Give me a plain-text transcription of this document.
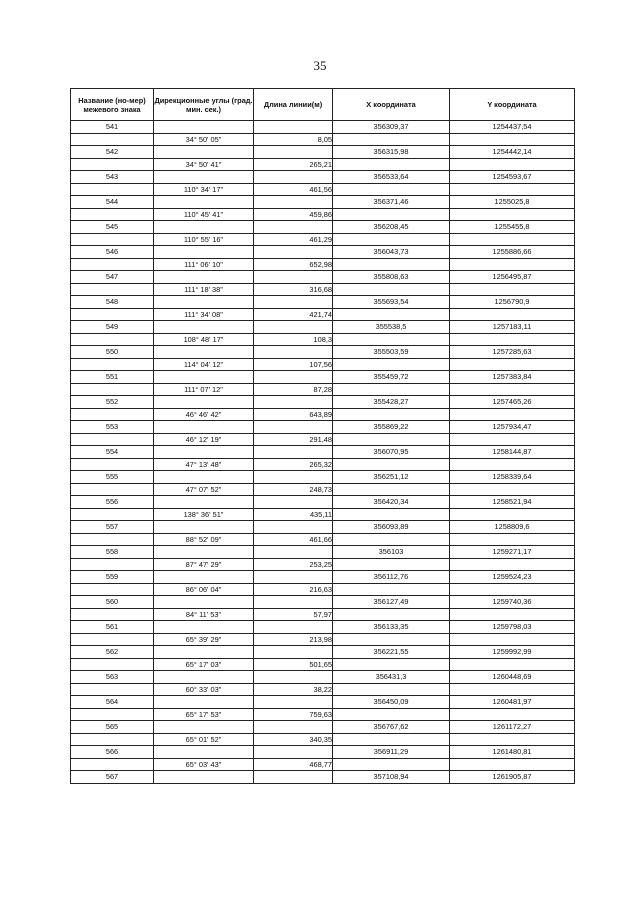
35
Название (но-мер) межевого знака	Дирекционные углы (град. мин. сек.)	Длина линии(м)	Х координата	Y координата
541			356309,37	1254437,54
	34° 50' 05"	8,05		
542			356315,98	1254442,14
	34° 50' 41"	265,21		
543			356533,64	1254593,67
	110° 34' 17"	461,56		
544			356371,46	1255025,8
	110° 45' 41"	459,86		
545			356208,45	1255455,8
	110° 55' 16"	461,29		
546			356043,73	1255886,66
	111° 06' 10"	652,98		
547			355808,63	1256495,87
	111° 18' 38"	316,68		
548			355693,54	1256790,9
	111° 34' 08"	421,74		
549			355538,5	1257183,11
	108° 48' 17"	108,3		
550			355503,59	1257285,63
	114° 04' 12"	107,56		
551			355459,72	1257383,84
	111° 07' 12"	87,28		
552			355428,27	1257465,26
	46° 46' 42"	643,89		
553			355869,22	1257934,47
	46° 12' 19"	291,48		
554			356070,95	1258144,87
	47° 13' 48"	265,32		
555			356251,12	1258339,64
	47° 07' 52"	248,73		
556			356420,34	1258521,94
	138° 36' 51"	435,11		
557			356093,89	1258809,6
	88° 52' 09"	461,66		
558			356103	1259271,17
	87° 47' 29"	253,25		
559			356112,76	1259524,23
	86° 06' 04"	216,63		
560			356127,49	1259740,36
	84° 11' 53"	57,97		
561			356133,35	1259798,03
	65° 39' 29"	213,98		
562			356221,55	1259992,99
	65° 17' 03"	501,65		
563			356431,3	1260448,69
	60° 33' 03"	38,22		
564			356450,09	1260481,97
	65° 17' 53"	759,63		
565			356767,62	1261172,27
	65° 01' 52"	340,35		
566			356911,29	1261480,81
	65° 03' 43"	468,77		
567			357108,94	1261905,87
